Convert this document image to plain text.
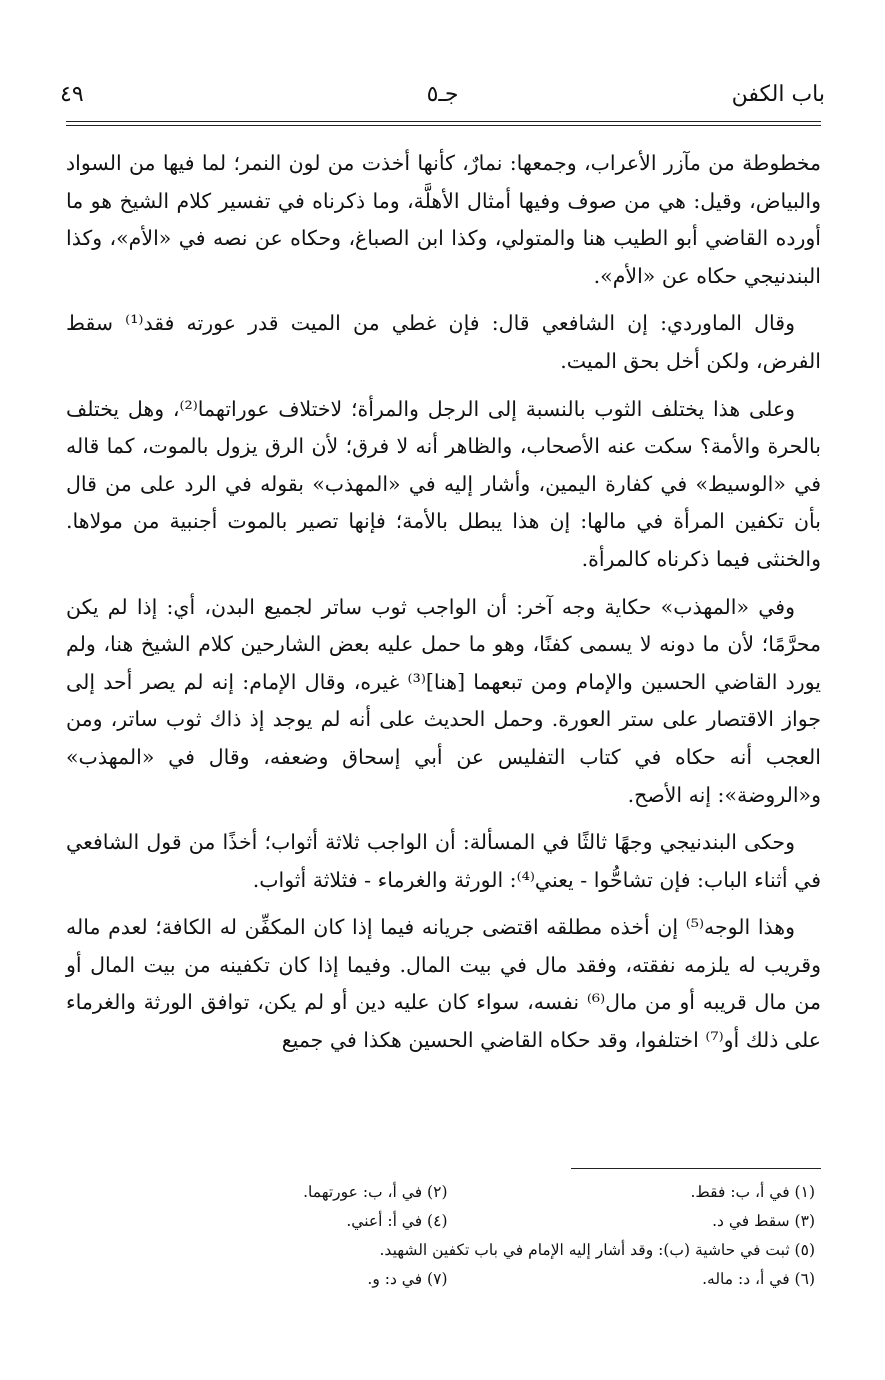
باب الكفن
جـ٥
٤٩

مخطوطة من مآزر الأعراب، وجمعها: نمارٌ، كأنها أخذت من لون النمر؛ لما فيها من السواد والبياض، وقيل: هي من صوف وفيها أمثال الأهلَّة، وما ذكرناه في تفسير كلام الشيخ هو ما أورده القاضي أبو الطيب هنا والمتولي، وكذا ابن الصباغ، وحكاه عن نصه في «الأم»، وكذا البندنيجي حكاه عن «الأم».

وقال الماوردي: إن الشافعي قال: فإن غطي من الميت قدر عورته فقد⁽¹⁾ سقط الفرض، ولكن أخل بحق الميت.

وعلى هذا يختلف الثوب بالنسبة إلى الرجل والمرأة؛ لاختلاف عوراتهما⁽²⁾، وهل يختلف بالحرة والأمة؟ سكت عنه الأصحاب، والظاهر أنه لا فرق؛ لأن الرق يزول بالموت، كما قاله في «الوسيط» في كفارة اليمين، وأشار إليه في «المهذب» بقوله في الرد على من قال بأن تكفين المرأة في مالها: إن هذا يبطل بالأمة؛ فإنها تصير بالموت أجنبية من مولاها. والخنثى فيما ذكرناه كالمرأة.

وفي «المهذب» حكاية وجه آخر: أن الواجب ثوب ساتر لجميع البدن، أي: إذا لم يكن محرَّمًا؛ لأن ما دونه لا يسمى كفنًا، وهو ما حمل عليه بعض الشارحين كلام الشيخ هنا، ولم يورد القاضي الحسين والإمام ومن تبعهما [هنا]⁽³⁾ غيره، وقال الإمام: إنه لم يصر أحد إلى جواز الاقتصار على ستر العورة. وحمل الحديث على أنه لم يوجد إذ ذاك ثوب ساتر، ومن العجب أنه حكاه في كتاب التفليس عن أبي إسحاق وضعفه، وقال في «المهذب» و«الروضة»: إنه الأصح.

وحكى البندنيجي وجهًا ثالثًا في المسألة: أن الواجب ثلاثة أثواب؛ أخذًا من قول الشافعي في أثناء الباب: فإن تشاحُّوا - يعني⁽⁴⁾: الورثة والغرماء - فثلاثة أثواب.

وهذا الوجه⁽⁵⁾ إن أخذه مطلقه اقتضى جريانه فيما إذا كان المكفِّن له الكافة؛ لعدم ماله وقريب له يلزمه نفقته، وفقد مال في بيت المال. وفيما إذا كان تكفينه من بيت المال أو من مال قريبه أو من مال⁽⁶⁾ نفسه، سواء كان عليه دين أو لم يكن، توافق الورثة والغرماء على ذلك أو⁽⁷⁾ اختلفوا، وقد حكاه القاضي الحسين هكذا في جميع

(١) في أ، ب: فقط.
(٢) في أ، ب: عورتهما.
(٣) سقط في د.
(٤) في أ: أعني.
(٥) ثبت في حاشية (ب): وقد أشار إليه الإمام في باب تكفين الشهيد.
(٦) في أ، د: ماله.
(٧) في د: و.
